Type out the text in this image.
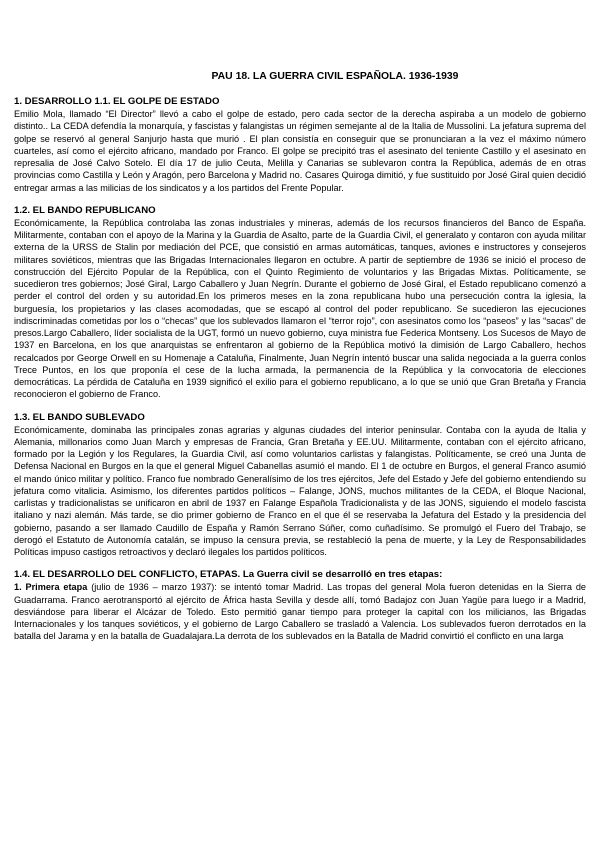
PAU 18. LA GUERRA CIVIL ESPAÑOLA. 1936-1939
1. DESARROLLO 1.1. EL GOLPE DE ESTADO

Emilio Mola, llamado “El Director” llevó a cabo el golpe de estado, pero cada sector de la derecha aspiraba a un modelo de gobierno distinto.. La CEDA defendía la monarquía, y fascistas y falangistas un régimen semejante al de la Italia de Mussolini. La jefatura suprema del golpe se reservó al general Sanjurjo hasta que murió . El plan consistía en conseguir que se pronunciaran a la vez el máximo número cuarteles, así como el ejército africano, mandado por Franco. El golpe se precipitó tras el asesinato del teniente Castillo y el asesinato en represalia de José Calvo Sotelo. El día 17 de julio Ceuta, Melilla y Canarias se sublevaron contra la República, además de en otras provincias como Castilla y León y Aragón, pero Barcelona y Madrid no. Casares Quiroga dimitió, y fue sustituido por José Giral quien decidió entregar armas a las milicias de los sindicatos y a los partidos del Frente Popular.

1.2. EL BANDO REPUBLICANO

Económicamente, la República controlaba las zonas industriales y mineras, además de los recursos financieros del Banco de España. Militarmente, contaban con el apoyo de la Marina y la Guardia de Asalto, parte de la Guardia Civil, el generalato y contaron con ayuda militar externa de la URSS de Stalin por mediación del PCE, que consistió en armas automáticas, tanques, aviones e instructores y consejeros militares soviéticos, mientras que las Brigadas Internacionales llegaron en octubre. A partir de septiembre de 1936 se inició el proceso de construcción del Ejército Popular de la República, con el Quinto Regimiento de voluntarios y las Brigadas Mixtas. Políticamente, se sucedieron tres gobiernos; José Giral, Largo Caballero y Juan Negrín. Durante el gobierno de José Giral, el Estado republicano comenzó a perder el control del orden y su autoridad.En los primeros meses en la zona republicana hubo una persecución contra la iglesia, la burguesía, los propietarios y las clases acomodadas, que se escapó al control del poder republicano. Se sucedieron las ejecuciones indiscriminadas cometidas por los o “checas” que los sublevados llamaron el “terror rojo”, con asesinatos como los “paseos” y las “sacas” de presos.Largo Caballero, líder socialista de la UGT, formó un nuevo gobierno, cuya ministra fue Federica Montseny. Los Sucesos de Mayo de 1937 en Barcelona, en los que anarquistas se enfrentaron al gobierno de la República motivó la dimisión de Largo Caballero, hechos recalcados por George Orwell en su Homenaje a Cataluña, Finalmente, Juan Negrín intentó buscar una salida negociada a la guerra conlos Trece Puntos, en los que proponía el cese de la lucha armada, la permanencia de la República y la convocatoria de elecciones democráticas. La pérdida de Cataluña en 1939 significó el exilio para el gobierno republicano, a lo que se unió que Gran Bretaña y Francia reconocieron el gobierno de Franco.

1.3. EL BANDO SUBLEVADO

Económicamente, dominaba las principales zonas agrarias y algunas ciudades del interior peninsular. Contaba con la ayuda de Italia y Alemania, millonarios como Juan March y empresas de Francia, Gran Bretaña y EE.UU. Militarmente, contaban con el ejército africano, formado por la Legión y los Regulares, la Guardia Civil, así como voluntarios carlistas y falangistas. Políticamente, se creó una Junta de Defensa Nacional en Burgos en la que el general Miguel Cabanellas asumió el mando. El 1 de octubre en Burgos, el general Franco asumió el mando único militar y político. Franco fue nombrado Generalísimo de los tres ejércitos, Jefe del Estado y Jefe del gobierno entendiendo su jefatura como vitalicia. Asimismo, los diferentes partidos políticos – Falange, JONS, muchos militantes de la CEDA, el Bloque Nacional, carlistas y tradicionalistas se unificaron en abril de 1937 en Falange Española Tradicionalista y de las JONS, siguiendo el modelo fascista italiano y nazi alemán. Más tarde, se dio primer gobierno de Franco en el que él se reservaba la Jefatura del Estado y la presidencia del gobierno, pasando a ser llamado Caudillo de España y Ramón Serrano Súñer, como cuñadísimo. Se promulgó el Fuero del Trabajo, se derogó el Estatuto de Autonomía catalán, se impuso la censura previa, se restableció la pena de muerte, y la Ley de Responsabilidades Políticas impuso castigos retroactivos y declaró ilegales los partidos políticos.

1.4. EL DESARROLLO DEL CONFLICTO, ETAPAS. La Guerra civil se desarrolló en tres etapas:

1. Primera etapa (julio de 1936 – marzo 1937): se intentó tomar Madrid. Las tropas del general Mola fueron detenidas en la Sierra de Guadarrama. Franco aerotransportó al ejército de África hasta Sevilla y desde allí, tomó Badajoz con Juan Yagüe para luego ir a Madrid, desviándose para liberar el Alcázar de Toledo. Esto permitió ganar tiempo para proteger la capital con los milicianos, las Brigadas Internacionales y los tanques soviéticos, y el gobierno de Largo Caballero se trasladó a Valencia. Los sublevados fueron derrotados en la batalla del Jarama y en la batalla de Guadalajara.La derrota de los sublevados en la Batalla de Madrid convirtió el conflicto en una larga
